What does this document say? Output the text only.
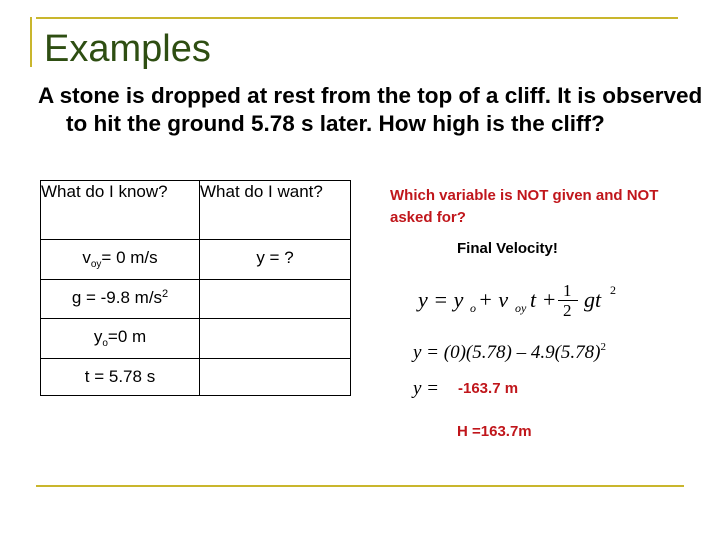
Examples
A stone is dropped at rest from the top of a cliff. It is observed to hit the ground 5.78 s later. How high is the cliff?
What do I know?	What do I want?
$v_{oy}= 0$ m/s	y = ?
g = -9.8 $m/s^2$	
$y_o=0$ m	
t = 5.78 s	
Which variable is NOT given and NOT asked for?
Final Velocity!
y = y o + v oy t + 1
2 gt 2
$y = (0)(5.78) - 4.9(5.78)^2$
y = -163.7 m
H =163.7m
